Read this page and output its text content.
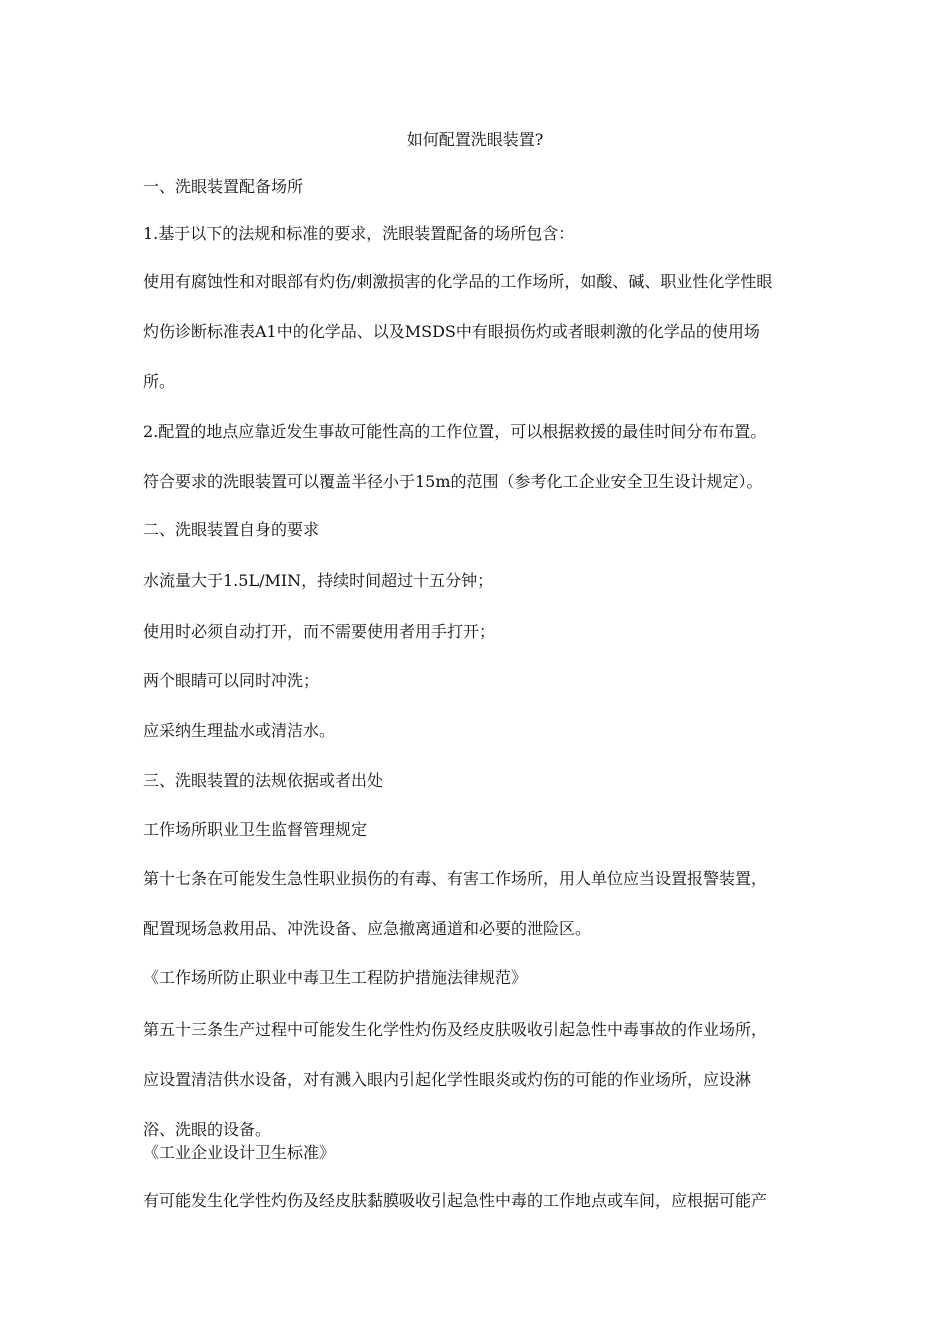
如何配置洗眼装置?
一、洗眼装置配备场所
1.基于以下的法规和标准的要求，洗眼装置配备的场所包含：
使用有腐蚀性和对眼部有灼伤/刺激损害的化学品的工作场所，如酸、碱、职业性化学性眼
灼伤诊断标准表A1中的化学品、以及MSDS中有眼损伤灼或者眼刺激的化学品的使用场
所。
2.配置的地点应靠近发生事故可能性高的工作位置，可以根据救援的最佳时间分布布置。
符合要求的洗眼装置可以覆盖半径小于15m的范围（参考化工企业安全卫生设计规定）。
二、洗眼装置自身的要求
水流量大于1.5L/MIN，持续时间超过十五分钟；
使用时必须自动打开，而不需要使用者用手打开；
两个眼睛可以同时冲洗；
应采纳生理盐水或清洁水。
三、洗眼装置的法规依据或者出处
工作场所职业卫生监督管理规定
第十七条在可能发生急性职业损伤的有毒、有害工作场所，用人单位应当设置报警装置，
配置现场急救用品、冲洗设备、应急撤离通道和必要的泄险区。
《工作场所防止职业中毒卫生工程防护措施法律规范》
第五十三条生产过程中可能发生化学性灼伤及经皮肤吸收引起急性中毒事故的作业场所，
应设置清洁供水设备，对有溅入眼内引起化学性眼炎或灼伤的可能的作业场所，应设淋
浴、洗眼的设备。
《工业企业设计卫生标准》
有可能发生化学性灼伤及经皮肤黏膜吸收引起急性中毒的工作地点或车间，应根据可能产
